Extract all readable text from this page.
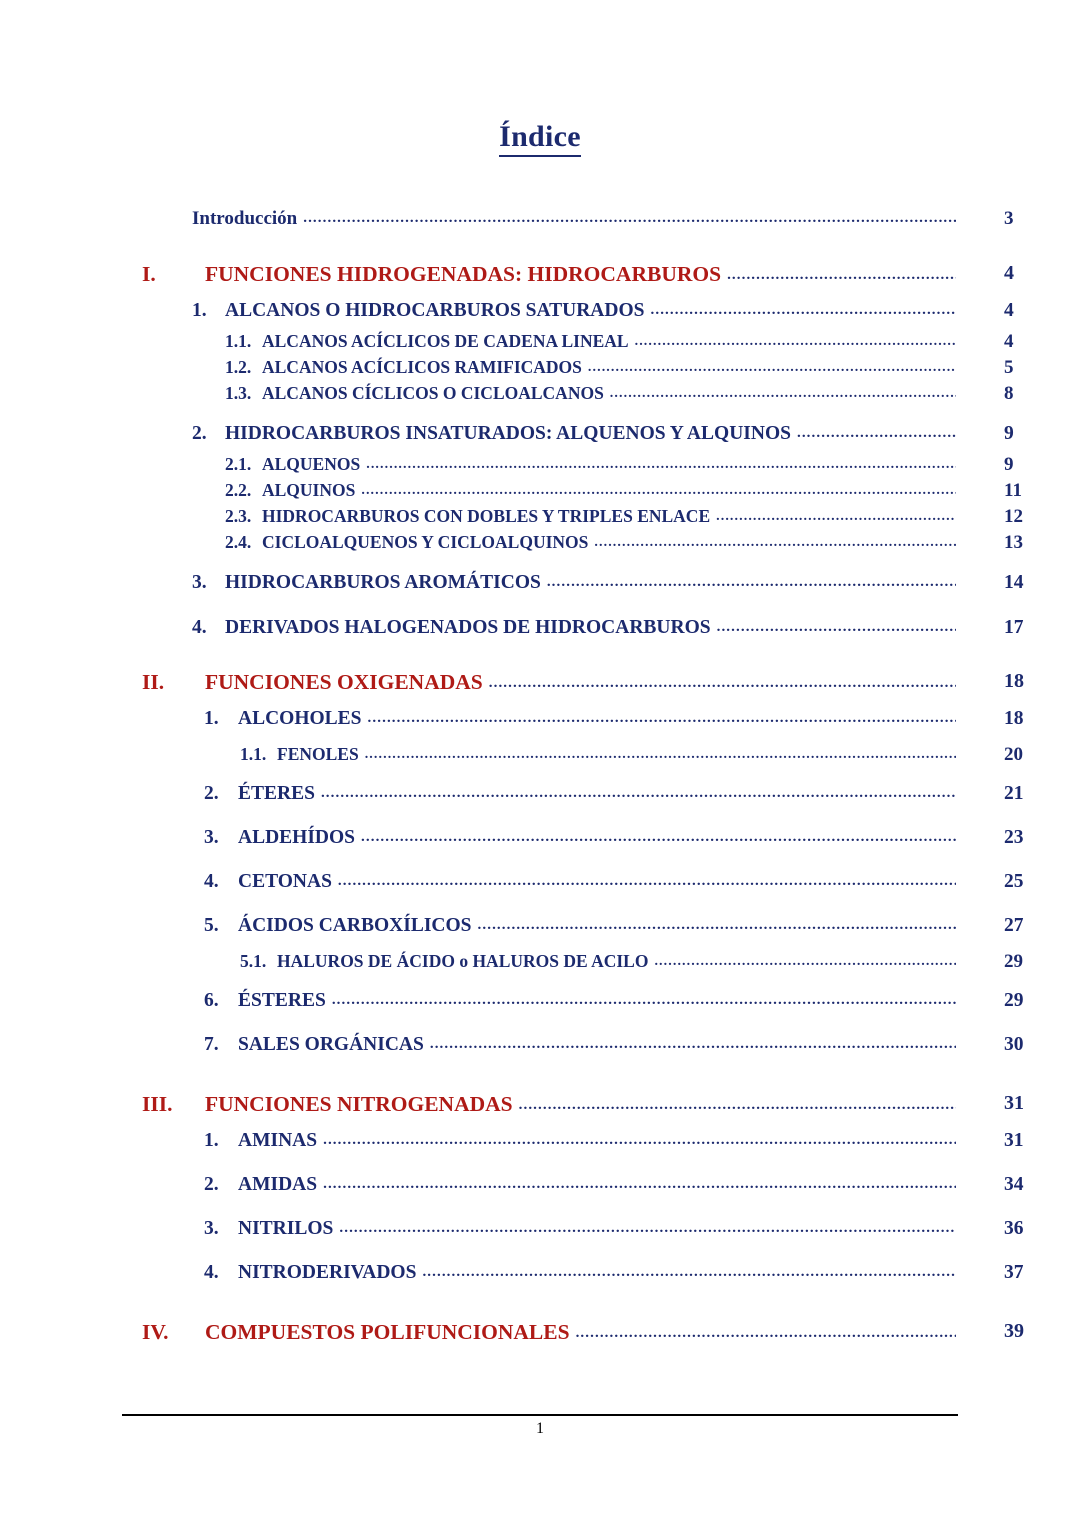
Índice
Introducción .....	3
I.	FUNCIONES HIDROGENADAS: HIDROCARBUROS .....	4
1. ALCANOS O HIDROCARBUROS SATURADOS .....	4
1.1. ALCANOS ACÍCLICOS DE CADENA LINEAL .....	4
1.2. ALCANOS ACÍCLICOS RAMIFICADOS .....	5
1.3. ALCANOS CÍCLICOS O CICLOALCANOS .....	8
2. HIDROCARBUROS INSATURADOS: ALQUENOS Y ALQUINOS .....	9
2.1. ALQUENOS .....	9
2.2. ALQUINOS .....	11
2.3. HIDROCARBUROS CON DOBLES Y TRIPLES ENLACE .....	12
2.4. CICLOALQUENOS Y CICLOALQUINOS .....	13
3. HIDROCARBUROS AROMÁTICOS .....	14
4. DERIVADOS HALOGENADOS DE HIDROCARBUROS .....	17
II.	FUNCIONES OXIGENADAS .....	18
1. ALCOHOLES .....	18
1.1. FENOLES .....	20
2. ÉTERES .....	21
3. ALDEHÍDOS .....	23
4. CETONAS .....	25
5. ÁCIDOS CARBOXÍLICOS .....	27
5.1. HALUROS DE ÁCIDO o HALUROS DE ACILO .....	29
6. ÉSTERES .....	29
7. SALES ORGÁNICAS .....	30
III.	FUNCIONES NITROGENADAS .....	31
1. AMINAS .....	31
2. AMIDAS .....	34
3. NITRILOS .....	36
4. NITRODERIVADOS .....	37
IV.	COMPUESTOS POLIFUNCIONALES .....	39
1
